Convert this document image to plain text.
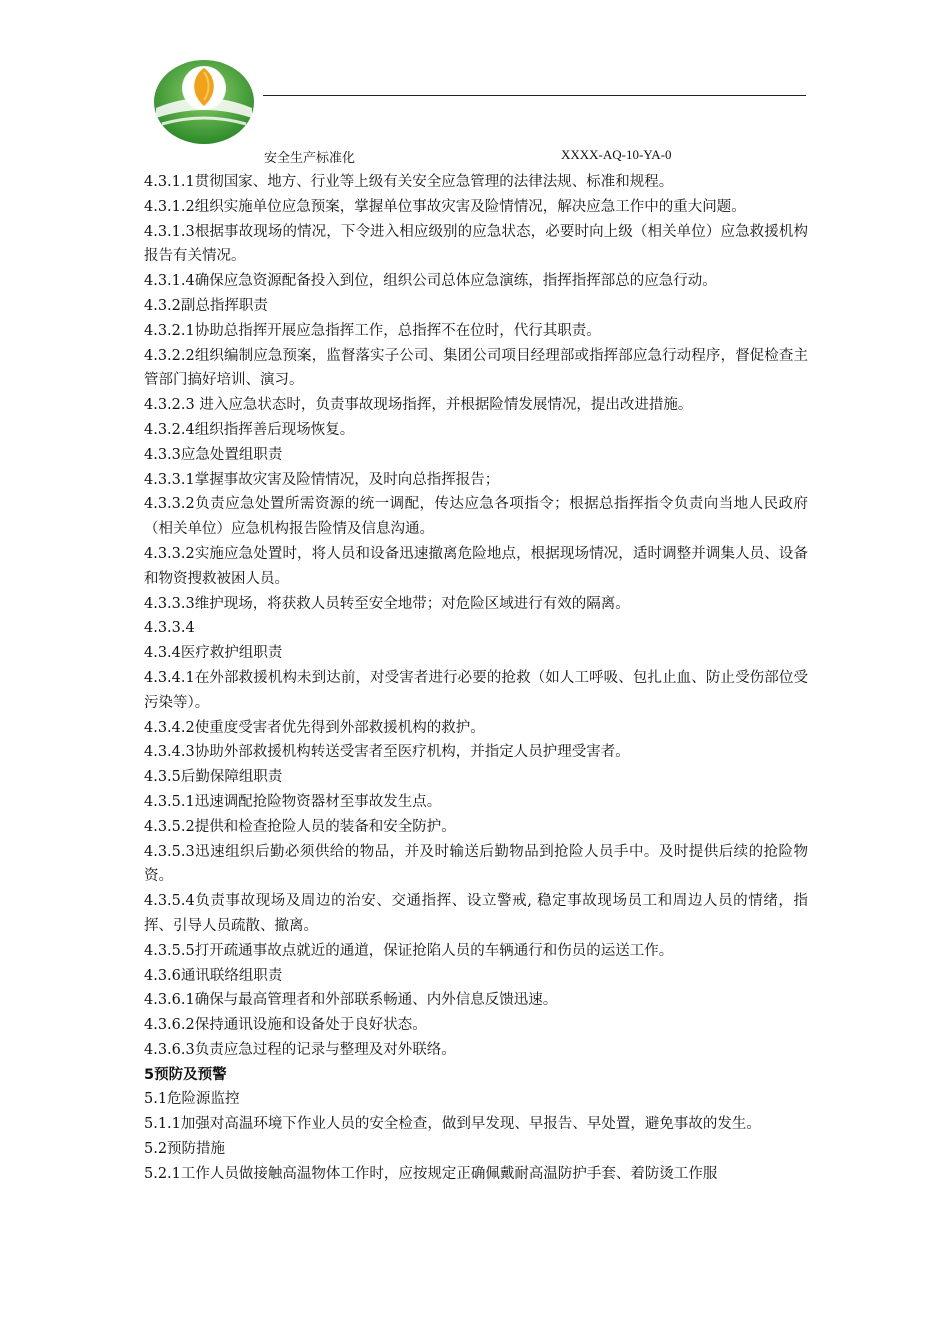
安全生产标准化	XXXX-AQ-10-YA-0

4.3.1.1贯彻国家、地方、行业等上级有关安全应急管理的法律法规、标准和规程。

4.3.1.2组织实施单位应急预案，掌握单位事故灾害及险情情况，解决应急工作中的重大问题。

4.3.1.3根据事故现场的情况，下令进入相应级别的应急状态，必要时向上级（相关单位）应急救援机构报告有关情况。

4.3.1.4确保应急资源配备投入到位，组织公司总体应急演练，指挥指挥部总的应急行动。

4.3.2副总指挥职责

4.3.2.1协助总指挥开展应急指挥工作，总指挥不在位时，代行其职责。

4.3.2.2组织编制应急预案，监督落实子公司、集团公司项目经理部或指挥部应急行动程序，督促检查主管部门搞好培训、演习。

4.3.2.3 进入应急状态时，负责事故现场指挥，并根据险情发展情况，提出改进措施。

4.3.2.4组织指挥善后现场恢复。

4.3.3应急处置组职责

4.3.3.1掌握事故灾害及险情情况，及时向总指挥报告；

4.3.3.2负责应急处置所需资源的统一调配，传达应急各项指令；根据总指挥指令负责向当地人民政府（相关单位）应急机构报告险情及信息沟通。

4.3.3.2实施应急处置时，将人员和设备迅速撤离危险地点，根据现场情况，适时调整并调集人员、设备和物资搜救被困人员。

4.3.3.3维护现场，将获救人员转至安全地带；对危险区域进行有效的隔离。

4.3.3.4

4.3.4医疗救护组职责

4.3.4.1在外部救援机构未到达前，对受害者进行必要的抢救（如人工呼吸、包扎止血、防止受伤部位受污染等）。

4.3.4.2使重度受害者优先得到外部救援机构的救护。

4.3.4.3协助外部救援机构转送受害者至医疗机构，并指定人员护理受害者。

4.3.5后勤保障组职责

4.3.5.1迅速调配抢险物资器材至事故发生点。

4.3.5.2提供和检查抢险人员的装备和安全防护。

4.3.5.3迅速组织后勤必须供给的物品，并及时输送后勤物品到抢险人员手中。及时提供后续的抢险物资。

4.3.5.4负责事故现场及周边的治安、交通指挥、设立警戒, 稳定事故现场员工和周边人员的情绪，指挥、引导人员疏散、撤离。

4.3.5.5打开疏通事故点就近的通道，保证抢陷人员的车辆通行和伤员的运送工作。

4.3.6通讯联络组职责

4.3.6.1确保与最高管理者和外部联系畅通、内外信息反馈迅速。

4.3.6.2保持通讯设施和设备处于良好状态。

4.3.6.3负责应急过程的记录与整理及对外联络。

5预防及预警

5.1危险源监控

5.1.1加强对高温环境下作业人员的安全检查，做到早发现、早报告、早处置，避免事故的发生。

5.2预防措施

5.2.1工作人员做接触高温物体工作时，应按规定正确佩戴耐高温防护手套、着防烫工作服
